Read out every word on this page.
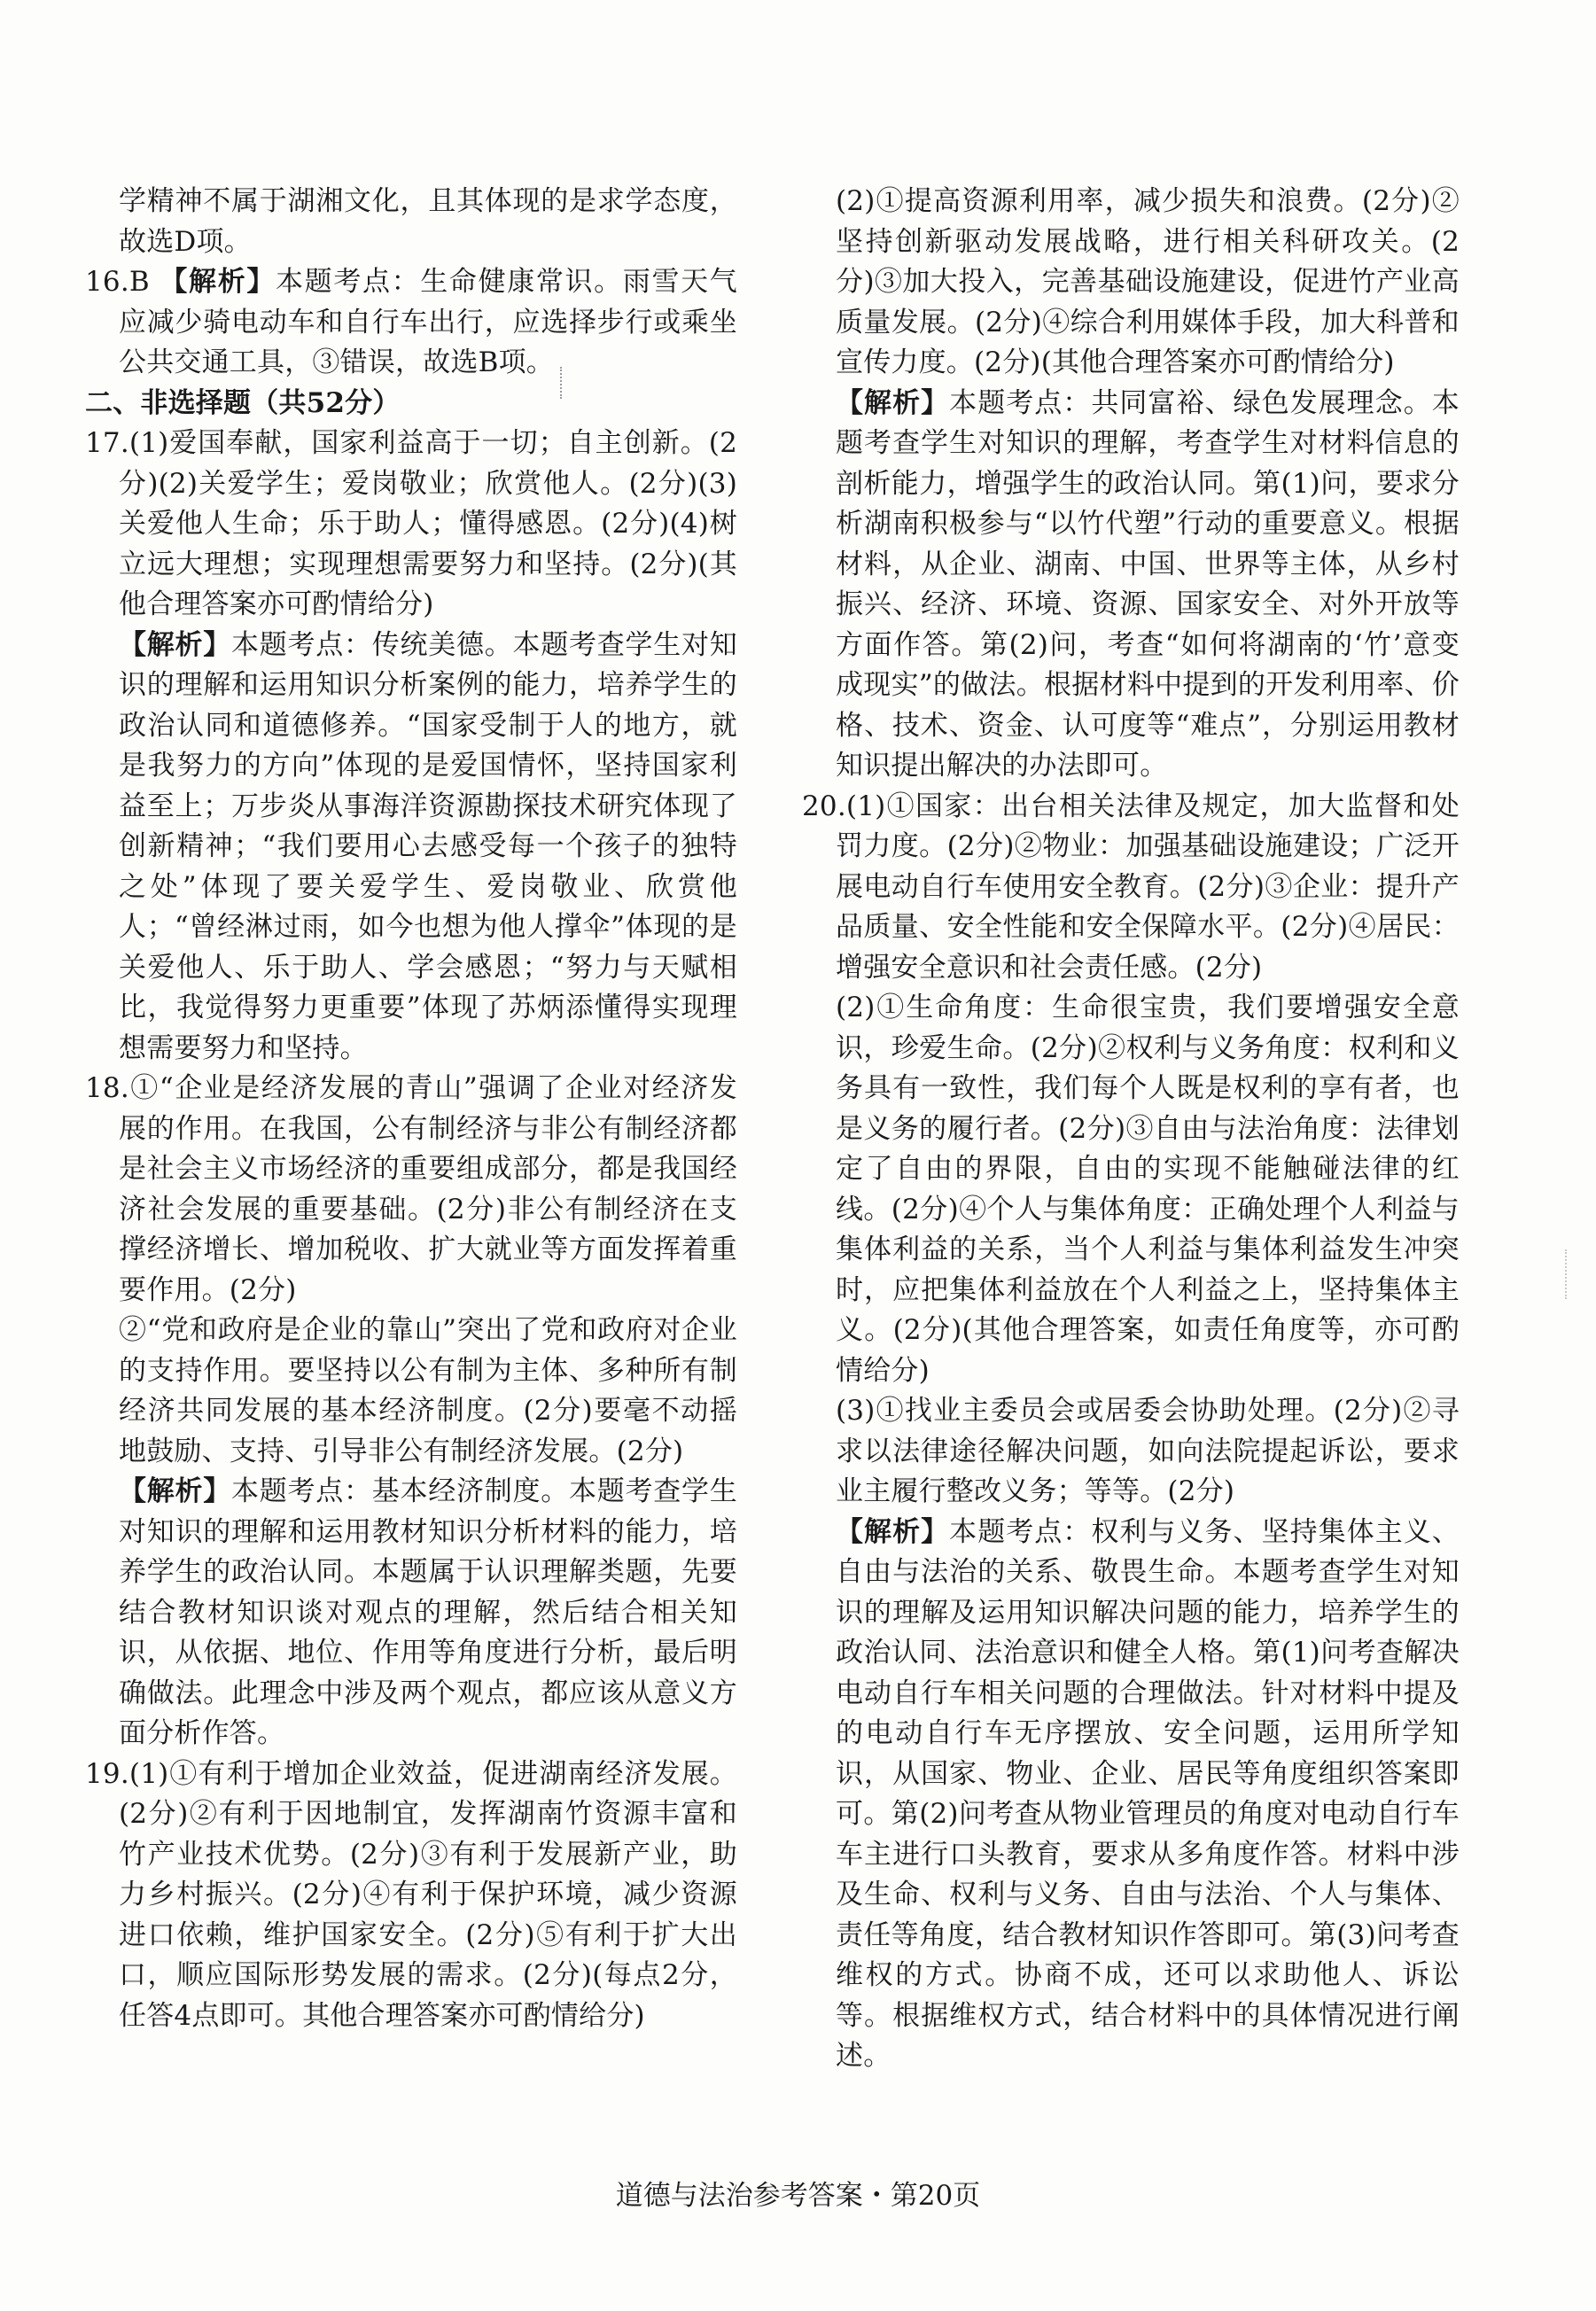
学精神不属于湖湘文化，且其体现的是求学态度，故选D项。

16.B 【解析】本题考点：生命健康常识。雨雪天气应减少骑电动车和自行车出行，应选择步行或乘坐公共交通工具，③错误，故选B项。

二、非选择题（共52分）

17.(1)爱国奉献，国家利益高于一切；自主创新。(2分)(2)关爱学生；爱岗敬业；欣赏他人。(2分)(3)关爱他人生命；乐于助人；懂得感恩。(2分)(4)树立远大理想；实现理想需要努力和坚持。(2分)(其他合理答案亦可酌情给分)

【解析】本题考点：传统美德。本题考查学生对知识的理解和运用知识分析案例的能力，培养学生的政治认同和道德修养。“国家受制于人的地方，就是我努力的方向”体现的是爱国情怀，坚持国家利益至上；万步炎从事海洋资源勘探技术研究体现了创新精神；“我们要用心去感受每一个孩子的独特之处”体现了要关爱学生、爱岗敬业、欣赏他人；“曾经淋过雨，如今也想为他人撑伞”体现的是关爱他人、乐于助人、学会感恩；“努力与天赋相比，我觉得努力更重要”体现了苏炳添懂得实现理想需要努力和坚持。

18.①“企业是经济发展的青山”强调了企业对经济发展的作用。在我国，公有制经济与非公有制经济都是社会主义市场经济的重要组成部分，都是我国经济社会发展的重要基础。(2分)非公有制经济在支撑经济增长、增加税收、扩大就业等方面发挥着重要作用。(2分)

②“党和政府是企业的靠山”突出了党和政府对企业的支持作用。要坚持以公有制为主体、多种所有制经济共同发展的基本经济制度。(2分)要毫不动摇地鼓励、支持、引导非公有制经济发展。(2分)

【解析】本题考点：基本经济制度。本题考查学生对知识的理解和运用教材知识分析材料的能力，培养学生的政治认同。本题属于认识理解类题，先要结合教材知识谈对观点的理解，然后结合相关知识，从依据、地位、作用等角度进行分析，最后明确做法。此理念中涉及两个观点，都应该从意义方面分析作答。

19.(1)①有利于增加企业效益，促进湖南经济发展。(2分)②有利于因地制宜，发挥湖南竹资源丰富和竹产业技术优势。(2分)③有利于发展新产业，助力乡村振兴。(2分)④有利于保护环境，减少资源进口依赖，维护国家安全。(2分)⑤有利于扩大出口，顺应国际形势发展的需求。(2分)(每点2分，任答4点即可。其他合理答案亦可酌情给分)

(2)①提高资源利用率，减少损失和浪费。(2分)②坚持创新驱动发展战略，进行相关科研攻关。(2分)③加大投入，完善基础设施建设，促进竹产业高质量发展。(2分)④综合利用媒体手段，加大科普和宣传力度。(2分)(其他合理答案亦可酌情给分)

【解析】本题考点：共同富裕、绿色发展理念。本题考查学生对知识的理解，考查学生对材料信息的剖析能力，增强学生的政治认同。第(1)问，要求分析湖南积极参与“以竹代塑”行动的重要意义。根据材料，从企业、湖南、中国、世界等主体，从乡村振兴、经济、环境、资源、国家安全、对外开放等方面作答。第(2)问，考查“如何将湖南的‘竹’意变成现实”的做法。根据材料中提到的开发利用率、价格、技术、资金、认可度等“难点”，分别运用教材知识提出解决的办法即可。

20.(1)①国家：出台相关法律及规定，加大监督和处罚力度。(2分)②物业：加强基础设施建设；广泛开展电动自行车使用安全教育。(2分)③企业：提升产品质量、安全性能和安全保障水平。(2分)④居民：增强安全意识和社会责任感。(2分)

(2)①生命角度：生命很宝贵，我们要增强安全意识，珍爱生命。(2分)②权利与义务角度：权利和义务具有一致性，我们每个人既是权利的享有者，也是义务的履行者。(2分)③自由与法治角度：法律划定了自由的界限，自由的实现不能触碰法律的红线。(2分)④个人与集体角度：正确处理个人利益与集体利益的关系，当个人利益与集体利益发生冲突时，应把集体利益放在个人利益之上，坚持集体主义。(2分)(其他合理答案，如责任角度等，亦可酌情给分)

(3)①找业主委员会或居委会协助处理。(2分)②寻求以法律途径解决问题，如向法院提起诉讼，要求业主履行整改义务；等等。(2分)

【解析】本题考点：权利与义务、坚持集体主义、自由与法治的关系、敬畏生命。本题考查学生对知识的理解及运用知识解决问题的能力，培养学生的政治认同、法治意识和健全人格。第(1)问考查解决电动自行车相关问题的合理做法。针对材料中提及的电动自行车无序摆放、安全问题，运用所学知识，从国家、物业、企业、居民等角度组织答案即可。第(2)问考查从物业管理员的角度对电动自行车车主进行口头教育，要求从多角度作答。材料中涉及生命、权利与义务、自由与法治、个人与集体、责任等角度，结合教材知识作答即可。第(3)问考查维权的方式。协商不成，还可以求助他人、诉讼等。根据维权方式，结合材料中的具体情况进行阐述。

道德与法治参考答案・第20页
